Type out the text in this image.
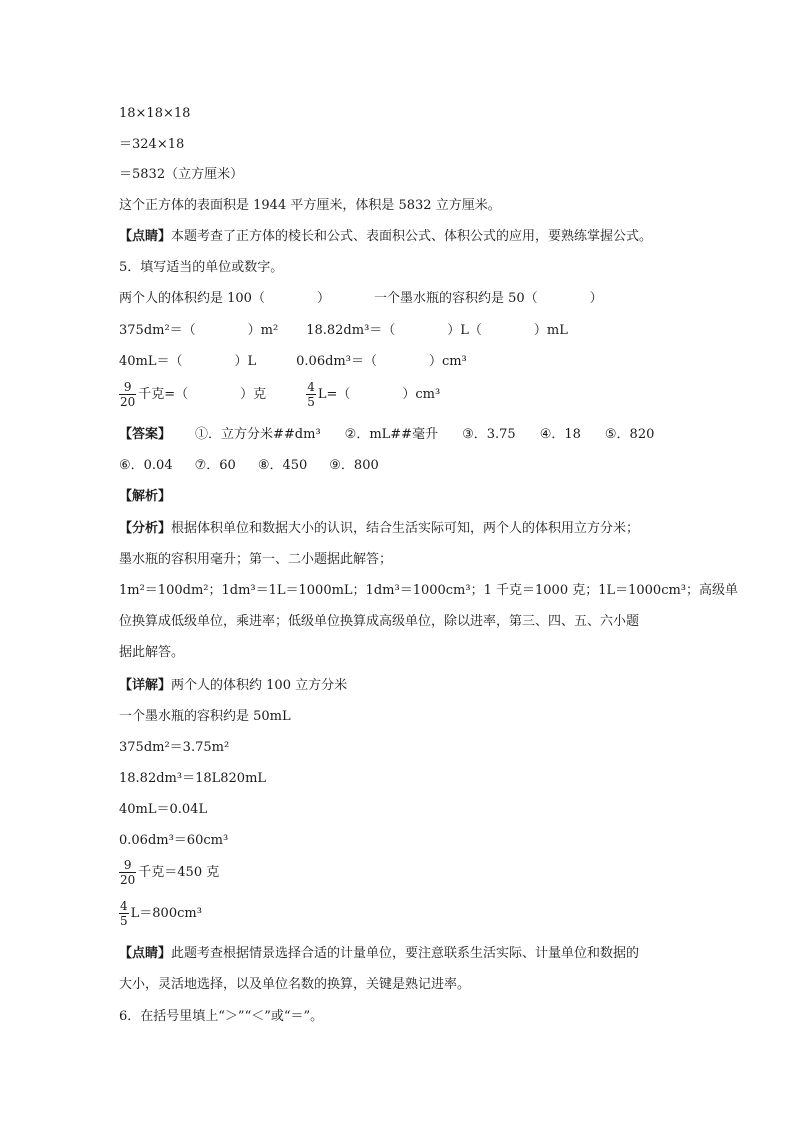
18×18×18
＝324×18
＝5832（立方厘米）
这个正方体的表面积是 1944 平方厘米，体积是 5832 立方厘米。
【点睛】本题考查了正方体的棱长和公式、表面积公式、体积公式的应用，要熟练掌握公式。
5．填写适当的单位或数字。
两个人的体积约是 100（　　　　）	一个墨水瓶的容积约是 50（　　　　）
375dm²＝（　　　　）m² 18.82dm³＝（　　　　）L（　　　　）mL
40mL＝（　　　　）L	0.06dm³＝（　　　　）cm³
$\frac{9}{20}$ 千克=（　　　　）克	$\frac{4}{5} L=$（　　　　）cm³
【答案】 ①．立方分米##dm³ ②．mL##毫升 ③．3.75 ④．18 ⑤．820
⑥．0.04 ⑦．60 ⑧．450 ⑨．800
【解析】
【分析】根据体积单位和数据大小的认识，结合生活实际可知，两个人的体积用立方分米；
墨水瓶的容积用毫升；第一、二小题据此解答；
1m²＝100dm²；1dm³＝1L＝1000mL；1dm³＝1000cm³；1 千克＝1000 克；1L＝1000cm³；高级单
位换算成低级单位，乘进率；低级单位换算成高级单位，除以进率，第三、四、五、六小题
据此解答。
【详解】两个人的体积约 100 立方分米
一个墨水瓶的容积约是 50mL
375dm²＝3.75m²
18.82dm³＝18L820mL
40mL＝0.04L
0.06dm³＝60cm³
$\frac{9}{20}$ 千克＝450 克
$\frac{4}{5} L=800cm^3$
【点睛】此题考查根据情景选择合适的计量单位，要注意联系生活实际、计量单位和数据的
大小，灵活地选择，以及单位名数的换算，关键是熟记进率。
6．在括号里填上“＞”“＜”或“＝”。
